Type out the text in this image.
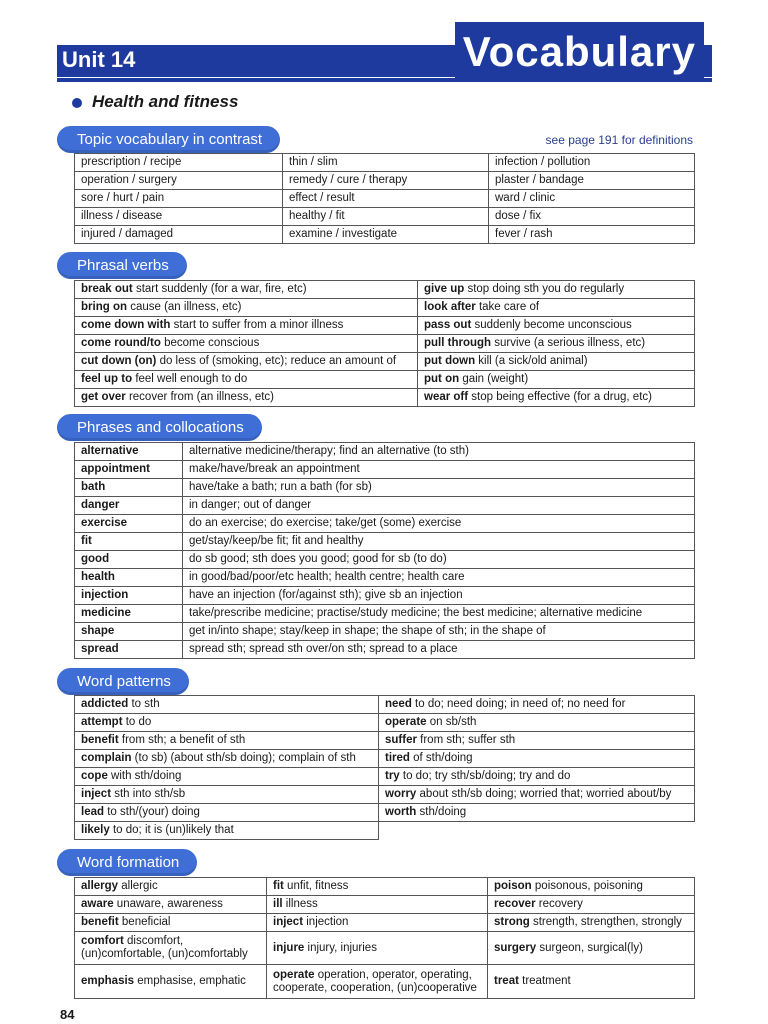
Unit 14	Vocabulary
Health and fitness
Topic vocabulary in contrast	see page 191 for definitions
prescription / recipe	thin / slim	infection / pollution
operation / surgery	remedy / cure / therapy	plaster / bandage
sore / hurt / pain	effect / result	ward / clinic
illness / disease	healthy / fit	dose / fix
injured / damaged	examine / investigate	fever / rash
Phrasal verbs
break out start suddenly (for a war, fire, etc)	give up stop doing sth you do regularly
bring on cause (an illness, etc)	look after take care of
come down with start to suffer from a minor illness	pass out suddenly become unconscious
come round/to become conscious	pull through survive (a serious illness, etc)
cut down (on) do less of (smoking, etc); reduce an amount of	put down kill (a sick/old animal)
feel up to feel well enough to do	put on gain (weight)
get over recover from (an illness, etc)	wear off stop being effective (for a drug, etc)
Phrases and collocations
alternative	alternative medicine/therapy; find an alternative (to sth)
appointment	make/have/break an appointment
bath	have/take a bath; run a bath (for sb)
danger	in danger; out of danger
exercise	do an exercise; do exercise; take/get (some) exercise
fit	get/stay/keep/be fit; fit and healthy
good	do sb good; sth does you good; good for sb (to do)
health	in good/bad/poor/etc health; health centre; health care
injection	have an injection (for/against sth); give sb an injection
medicine	take/prescribe medicine; practise/study medicine; the best medicine; alternative medicine
shape	get in/into shape; stay/keep in shape; the shape of sth; in the shape of
spread	spread sth; spread sth over/on sth; spread to a place
Word patterns
addicted to sth	need to do; need doing; in need of; no need for
attempt to do	operate on sb/sth
benefit from sth; a benefit of sth	suffer from sth; suffer sth
complain (to sb) (about sth/sb doing); complain of sth	tired of sth/doing
cope with sth/doing	try to do; try sth/sb/doing; try and do
inject sth into sth/sb	worry about sth/sb doing; worried that; worried about/by
lead to sth/(your) doing	worth sth/doing
likely to do; it is (un)likely that	
Word formation
allergy allergic	fit unfit, fitness	poison poisonous, poisoning
aware unaware, awareness	ill illness	recover recovery
benefit beneficial	inject injection	strong strength, strengthen, strongly
comfort discomfort, (un)comfortable, (un)comfortably	injure injury, injuries	surgery surgeon, surgical(ly)
emphasis emphasise, emphatic	operate operation, operator, operating, cooperate, cooperation, (un)cooperative	treat treatment
84
